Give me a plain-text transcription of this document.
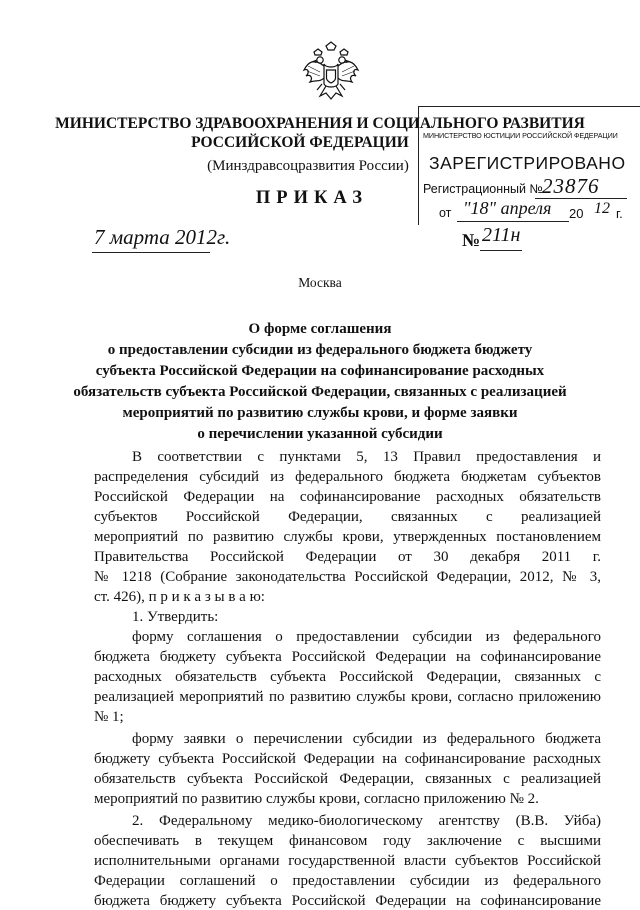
МИНИСТЕРСТВО ЗДРАВООХРАНЕНИЯ И СОЦИАЛЬНОГО РАЗВИТИЯ
РОССИЙСКОЙ ФЕДЕРАЦИИ
(Минздравсоцразвития России)
ПРИКАЗ
МИНИСТЕРСТВО ЮСТИЦИИ РОССИЙСКОЙ ФЕДЕРАЦИИ
ЗАРЕГИСТРИРОВАНО
Регистрационный № 23876
от "18" апреля 20 12 г.
7 марта 2012г.	№ 211н
Москва
О форме соглашения
о предоставлении субсидии из федерального бюджета бюджету
субъекта Российской Федерации на софинансирование расходных
обязательств субъекта Российской Федерации, связанных с реализацией
мероприятий по развитию службы крови, и форме заявки
о перечислении указанной субсидии
В соответствии с пунктами 5, 13 Правил предоставления и
распределения субсидий из федерального бюджета бюджетам субъектов
Российской Федерации на софинансирование расходных обязательств
субъектов Российской Федерации, связанных с реализацией
мероприятий по развитию службы крови, утвержденных постановлением
Правительства Российской Федерации от 30 декабря 2011 г.
№ 1218 (Собрание законодательства Российской Федерации, 2012, № 3,
ст. 426), п р и к а з ы в а ю:
1. Утвердить:
форму соглашения о предоставлении субсидии из федерального
бюджета бюджету субъекта Российской Федерации на софинансирование
расходных обязательств субъекта Российской Федерации, связанных с
реализацией мероприятий по развитию службы крови, согласно приложению
№ 1;
форму заявки о перечислении субсидии из федерального бюджета
бюджету субъекта Российской Федерации на софинансирование расходных
обязательств субъекта Российской Федерации, связанных с реализацией
мероприятий по развитию службы крови, согласно приложению № 2.
2. Федеральному медико-биологическому агентству (В.В. Уйба)
обеспечивать в текущем финансовом году заключение с высшими
исполнительными органами государственной власти субъектов Российской
Федерации соглашений о предоставлении субсидии из федерального
бюджета бюджету субъекта Российской Федерации на софинансирование
